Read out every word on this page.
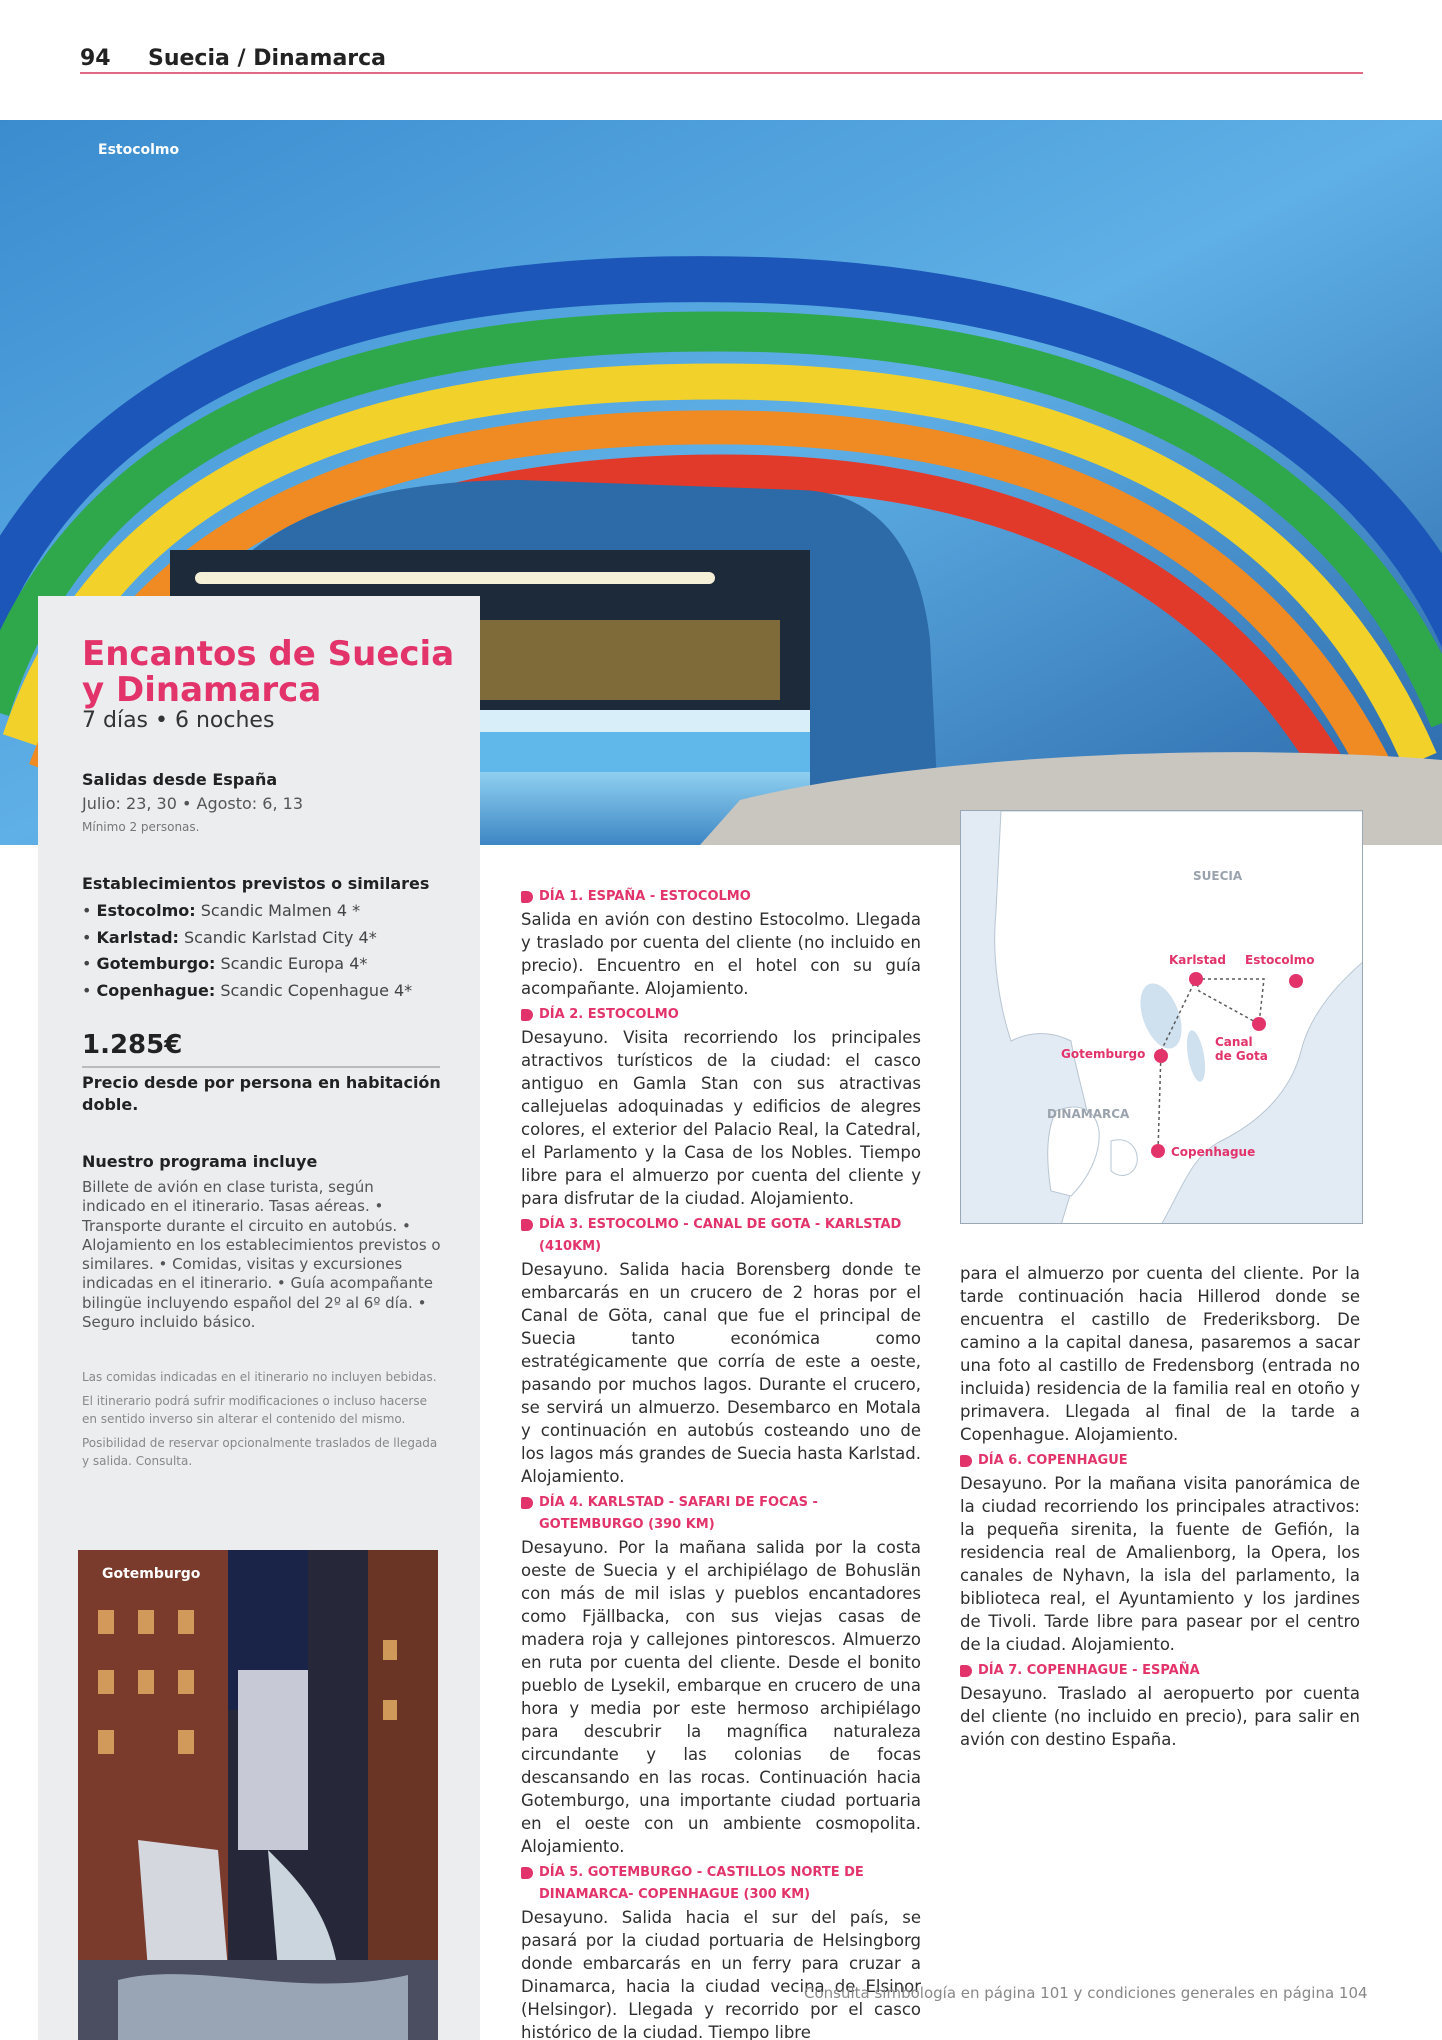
94 Suecia / Dinamarca
Estocolmo
Encantos de Suecia y Dinamarca
7 días • 6 noches
Salidas desde España
Julio: 23, 30 • Agosto: 6, 13
Mínimo 2 personas.
Establecimientos previstos o similares
• Estocolmo: Scandic Malmen 4 *
• Karlstad: Scandic Karlstad City 4*
• Gotemburgo: Scandic Europa 4*
• Copenhague: Scandic Copenhague 4*
1.285€
Precio desde por persona en habitación doble.
Nuestro programa incluye
Billete de avión en clase turista, según indicado en el itinerario. Tasas aéreas. • Transporte durante el circuito en autobús. • Alojamiento en los establecimientos previstos o similares. • Comidas, visitas y excursiones indicadas en el itinerario. • Guía acompañante bilingüe incluyendo español del 2º al 6º día. • Seguro incluido básico.

Las comidas indicadas en el itinerario no incluyen bebidas.

El itinerario podrá sufrir modificaciones o incluso hacerse en sentido inverso sin alterar el contenido del mismo.

Posibilidad de reservar opcionalmente traslados de llegada y salida. Consulta.

Gotemburgo
SUECIA
DINAMARCA
Karlstad Estocolmo
Gotemburgo
Canal de Gota
Copenhague
DÍA 1. ESPAÑA - ESTOCOLMO
Salida en avión con destino Estocolmo. Llegada y traslado por cuenta del cliente (no incluido en precio). Encuentro en el hotel con su guía acompañante. Alojamiento.
DÍA 2. ESTOCOLMO
Desayuno. Visita recorriendo los principales atractivos turísticos de la ciudad: el casco antiguo en Gamla Stan con sus atractivas callejuelas adoquinadas y edificios de alegres colores, el exterior del Palacio Real, la Catedral, el Parlamento y la Casa de los Nobles. Tiempo libre para el almuerzo por cuenta del cliente y para disfrutar de la ciudad. Alojamiento.
DÍA 3. ESTOCOLMO - CANAL DE GOTA - KARLSTAD (410KM)
Desayuno. Salida hacia Borensberg donde te embarcarás en un crucero de 2 horas por el Canal de Göta, canal que fue el principal de Suecia tanto económica como estratégicamente que corría de este a oeste, pasando por muchos lagos. Durante el crucero, se servirá un almuerzo. Desembarco en Motala y continuación en autobús costeando uno de los lagos más grandes de Suecia hasta Karlstad. Alojamiento.
DÍA 4. KARLSTAD - SAFARI DE FOCAS - GOTEMBURGO (390 KM)
Desayuno. Por la mañana salida por la costa oeste de Suecia y el archipiélago de Bohuslän con más de mil islas y pueblos encantadores como Fjällbacka, con sus viejas casas de madera roja y callejones pintorescos. Almuerzo en ruta por cuenta del cliente. Desde el bonito pueblo de Lysekil, embarque en crucero de una hora y media por este hermoso archipiélago para descubrir la magnífica naturaleza circundante y las colonias de focas descansando en las rocas. Continuación hacia Gotemburgo, una importante ciudad portuaria en el oeste con un ambiente cosmopolita. Alojamiento.
DÍA 5. GOTEMBURGO - CASTILLOS NORTE DE DINAMARCA- COPENHAGUE (300 KM)
Desayuno. Salida hacia el sur del país, se pasará por la ciudad portuaria de Helsingborg donde embarcarás en un ferry para cruzar a Dinamarca, hacia la ciudad vecina de Elsinor (Helsingor). Llegada y recorrido por el casco histórico de la ciudad. Tiempo libre
para el almuerzo por cuenta del cliente. Por la tarde continuación hacia Hillerod donde se encuentra el castillo de Frederiksborg. De camino a la capital danesa, pasaremos a sacar una foto al castillo de Fredensborg (entrada no incluida) residencia de la familia real en otoño y primavera. Llegada al final de la tarde a Copenhague. Alojamiento.
DÍA 6. COPENHAGUE
Desayuno. Por la mañana visita panorámica de la ciudad recorriendo los principales atractivos: la pequeña sirenita, la fuente de Gefión, la residencia real de Amalienborg, la Opera, los canales de Nyhavn, la isla del parlamento, la biblioteca real, el Ayuntamiento y los jardines de Tivoli. Tarde libre para pasear por el centro de la ciudad. Alojamiento.
DÍA 7. COPENHAGUE - ESPAÑA
Desayuno. Traslado al aeropuerto por cuenta del cliente (no incluido en precio), para salir en avión con destino España.
Consulta simbología en página 101 y condiciones generales en página 104
